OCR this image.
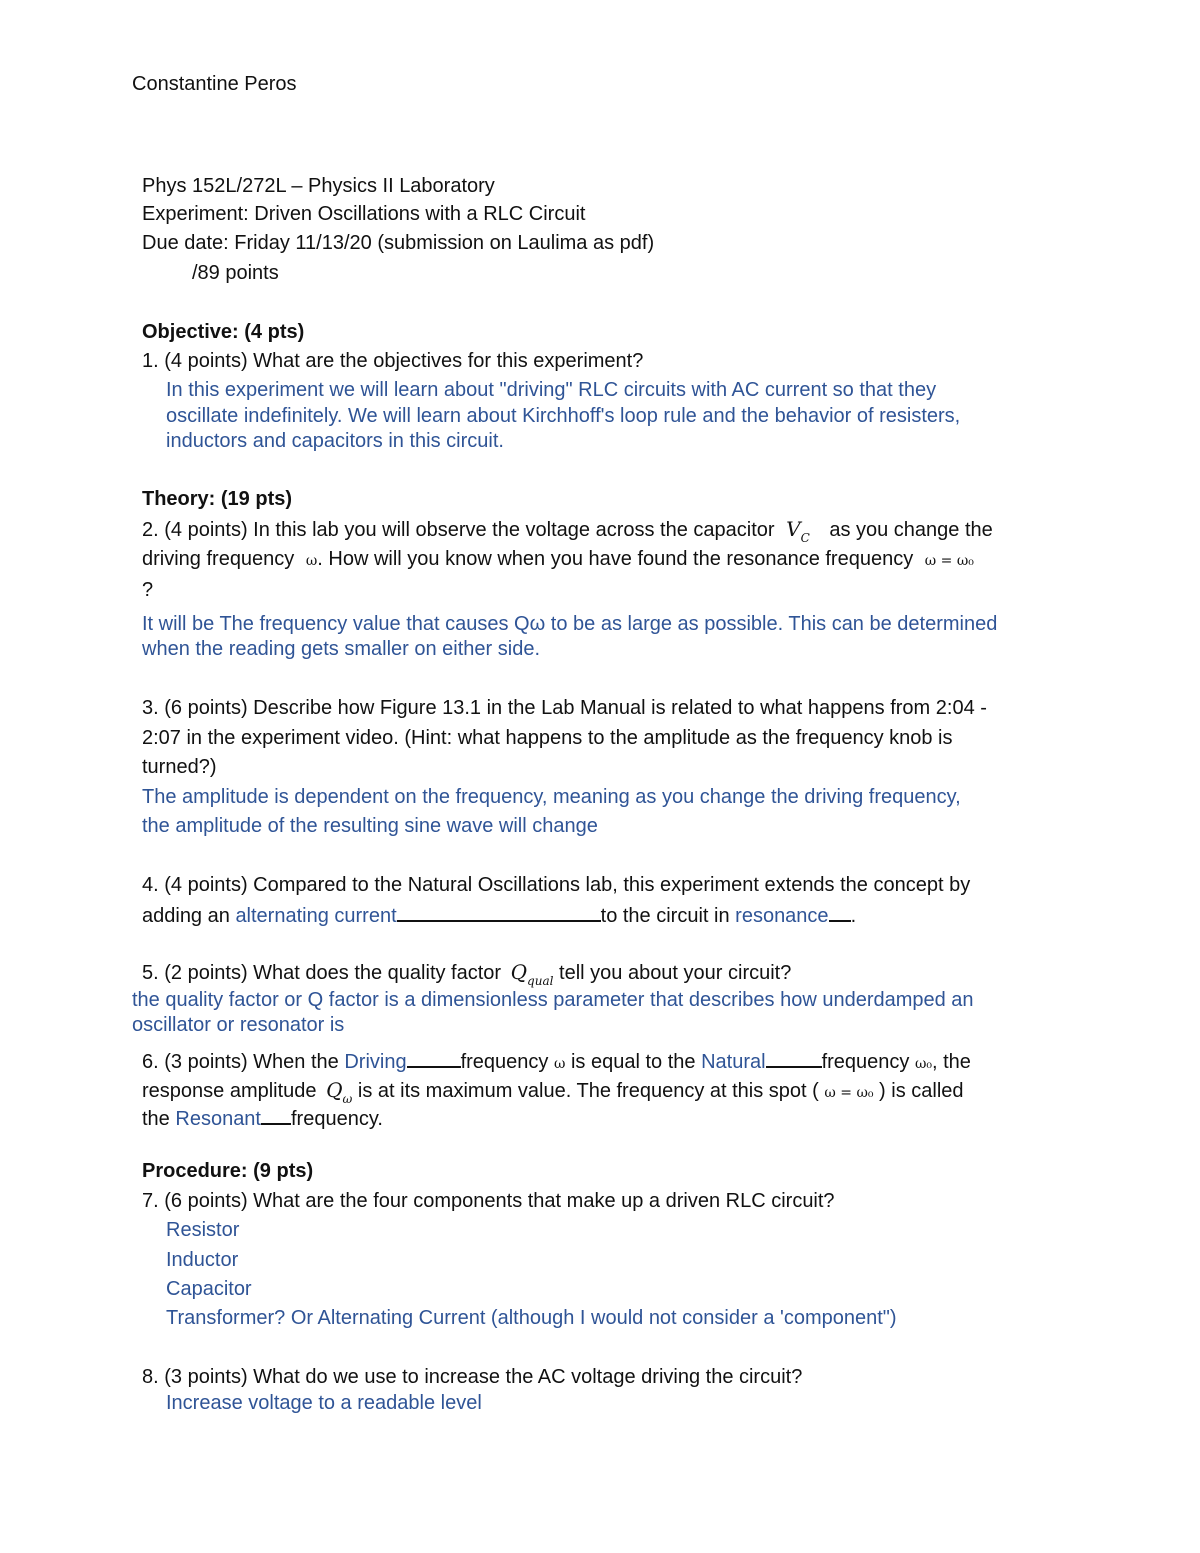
Constantine Peros
Phys 152L/272L – Physics II Laboratory
Experiment: Driven Oscillations with a RLC Circuit
Due date: Friday 11/13/20 (submission on Laulima as pdf)
/89 points
Objective: (4 pts)
1. (4 points) What are the objectives for this experiment?
In this experiment we will learn about "driving" RLC circuits with AC current so that they
oscillate indefinitely. We will learn about Kirchhoff's loop rule and the behavior of resisters,
inductors and capacitors in this circuit.
Theory: (19 pts)
2. (4 points) In this lab you will observe the voltage across the capacitor $V_C$ as you change the
driving frequency ω. How will you know when you have found the resonance frequency ω = ω₀
?
It will be The frequency value that causes Qω to be as large as possible. This can be determined
when the reading gets smaller on either side.
3. (6 points) Describe how Figure 13.1 in the Lab Manual is related to what happens from 2:04 -
2:07 in the experiment video. (Hint: what happens to the amplitude as the frequency knob is
turned?)
The amplitude is dependent on the frequency, meaning as you change the driving frequency,
the amplitude of the resulting sine wave will change
4. (4 points) Compared to the Natural Oscillations lab, this experiment extends the concept by
adding an alternating current	to the circuit in resonance .
5. (2 points) What does the quality factor $Q_{qual}$ tell you about your circuit?
the quality factor or Q factor is a dimensionless parameter that describes how underdamped an
oscillator or resonator is
6. (3 points) When the Driving	frequency ω is equal to the Natural	frequency ω₀, the
response amplitude $Q_\omega$ is at its maximum value. The frequency at this spot ( ω = ω₀ ) is called
the Resonant frequency.
Procedure: (9 pts)
7. (6 points) What are the four components that make up a driven RLC circuit?
Resistor
Inductor
Capacitor
Transformer? Or Alternating Current (although I would not consider a 'component")
8. (3 points) What do we use to increase the AC voltage driving the circuit?
Increase voltage to a readable level
